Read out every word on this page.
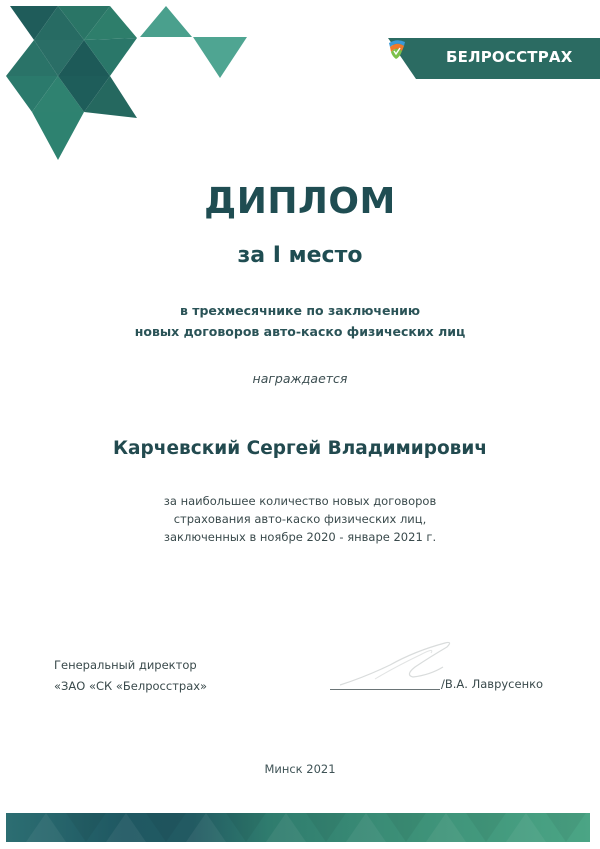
БЕЛРОССТРАХ
ДИПЛОМ
за I место
в трехмесячнике по заключению
новых договоров авто-каско физических лиц
награждается
Карчевский Сергей Владимирович
за наибольшее количество новых договоров
страхования авто-каско физических лиц,
заключенных в ноябре 2020 - январе 2021 г.
Генеральный директор
«ЗАО «СК «Белросстрах»	/В.А. Лаврусенко
Минск 2021
